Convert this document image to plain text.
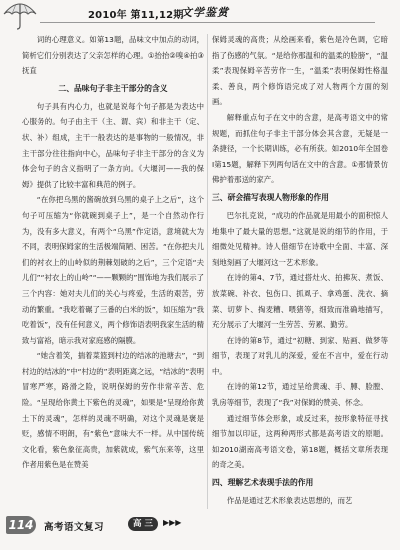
2010年 第11,12期
文学鉴赏

词的心理意义。如第13题，品味文中加点的动词，简析它们分别表达了父亲怎样的心理。①抬抬②嗅④拍③抚直

二、品味句子非主干部分的含义

句子具有内心力，也就是说每个句子都是为表达中心服务的。句子由主干（主、谓、宾）和非主干（定、状、补）组成，主干一般表达的是事物的一般情况，非主干部分往往指向中心，品味句子非主干部分的含义为体会句子的含义指明了一条方向。《大堰河——我的保姆》提供了比较丰富和典范的例子。

“在你把乌黑的酱碗放到乌黑的桌子上之后”，这个句子可压缩为“你就碗到桌子上”，是一个自然动作行为，没有多大意义，有两个“乌黑”作定语，意境就大为不同，表明保姆家的生活极端简陋、困苦。“在你把夫儿们的衬衣上的山岭似的荆棘划破的之后”，三个定语“夫儿们”“衬衣上的山岭”“——颗颗的”围饰地为我们展示了三个内容：她对夫儿们的关心与疼爱，生活的艰苦，劳动的繁重。“我吃着碾了三番的白米的饭”，如压缩为“我吃着饭”，没有任何意义，两个修饰语表明我家生活的精致与富裕，暗示我对家庭感的隔膜。

“她含着笑，揣着菜篮到村边的结冰的池塘去”，“到村边的结冰的”中“村边的”表明距离之远，“结冰的”表明冒寒严寒，路滑之险，说明保姆的劳作非常辛苦、危险。“呈现给你黄土下紫色的灵魂”，如果是“呈现给你黄土下的灵魂”，怎样的灵魂不明确，对这个灵魂是褒是贬，感情不明朗，有“紫色”意味大不一样。从中国传统文化看，紫色象征高贵，加紫就成，紫气东来等，这里作者用紫色是在赞美

保姆灵魂的高贵；从绘画来看，紫色是冷色调，它暗指了伤感的气氛。“是给你那温和的温柔的脸膀”，“温柔”表现保姆辛苦劳作一生，“温柔”表明保姆性格温柔、善良，两个修饰语完成了对人物两个方面的刻画。

解释重点句子在文中的含意，是高考语文中的常规题，而抓住句子非主干部分体会其含意，无疑是一条捷径，一个长期训练，必有所获。如2010年全国卷Ⅰ第15题，解释下列两句话在文中的含意。①那情景仿佛护着那送的家产。

三、研会描写表现人物形象的作用

巴尔扎克说，“成功的作品就是用最小的面积惊人地集中了最大量的思想。”这就是说的细节的作用，于细微处见精神。诗人借细节在诗歌中全面、丰富、深刻地刻画了大堰河这一艺术形象。

在诗的第4、7节，通过搭灶火、拍拂灰、煮饭、放菜碗、补衣、包伤口、抓虱子、拿鸡蛋、洗衣、摘菜、切萝卜、掏麦糟、喂猪等，细致而准确地描写，充分展示了大堰河一生劳苦、劳累、勤劳。

在诗的第8节，通过“初糖、到家、贴画、做梦等细节，表现了对乳儿的深爱，爱在不言中，爱在行动中。

在诗的第12节，通过呈给黄魂、手、膊、脸膛、乳房等细节，表现了“我”对保姆的赞美、怀念。

通过细节体会形象，或反过来，按形象特征寻找细节加以印证，这两种两形式都是高考语文的原题。如2010湖南高考语文卷，第18题，概括文章所表现的奇之美。

四、理解艺术表现手法的作用

作品是通过艺术形象表达思想的，而艺

114 高考语文复习	高 三	▶▶▶
